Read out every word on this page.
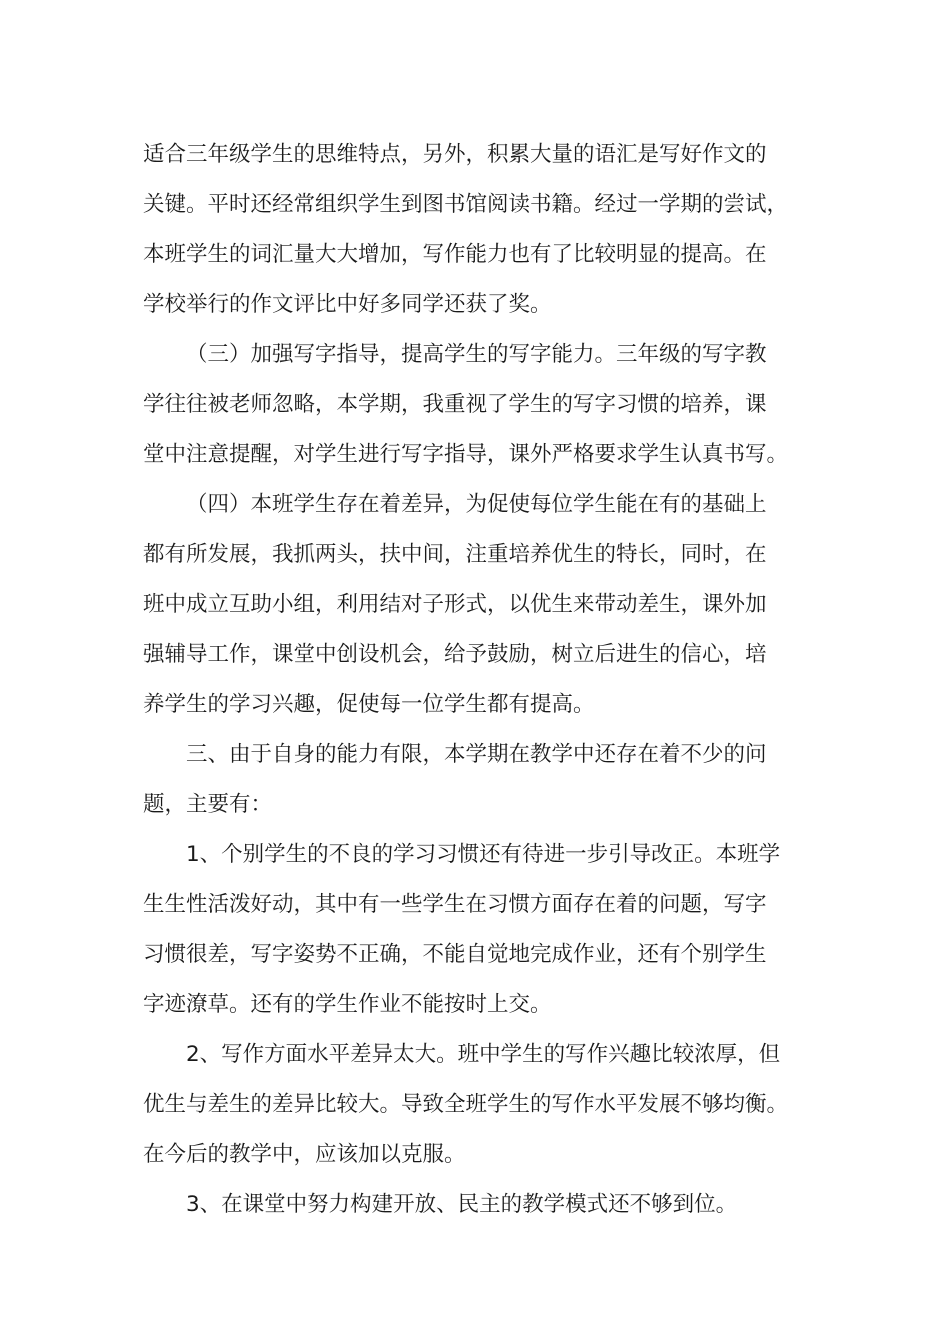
适合三年级学生的思维特点，另外，积累大量的语汇是写好作文的
关键。平时还经常组织学生到图书馆阅读书籍。经过一学期的尝试，
本班学生的词汇量大大增加，写作能力也有了比较明显的提高。在
学校举行的作文评比中好多同学还获了奖。
（三）加强写字指导，提高学生的写字能力。三年级的写字教
学往往被老师忽略，本学期，我重视了学生的写字习惯的培养，课
堂中注意提醒，对学生进行写字指导，课外严格要求学生认真书写。
（四）本班学生存在着差异，为促使每位学生能在有的基础上
都有所发展，我抓两头，扶中间，注重培养优生的特长，同时，在
班中成立互助小组，利用结对子形式，以优生来带动差生，课外加
强辅导工作，课堂中创设机会，给予鼓励，树立后进生的信心，培
养学生的学习兴趣，促使每一位学生都有提高。
三、由于自身的能力有限，本学期在教学中还存在着不少的问
题，主要有：
1、个别学生的不良的学习习惯还有待进一步引导改正。本班学
生生性活泼好动，其中有一些学生在习惯方面存在着的问题，写字
习惯很差，写字姿势不正确，不能自觉地完成作业，还有个别学生
字迹潦草。还有的学生作业不能按时上交。
2、写作方面水平差异太大。班中学生的写作兴趣比较浓厚，但
优生与差生的差异比较大。导致全班学生的写作水平发展不够均衡。
在今后的教学中，应该加以克服。
3、在课堂中努力构建开放、民主的教学模式还不够到位。
